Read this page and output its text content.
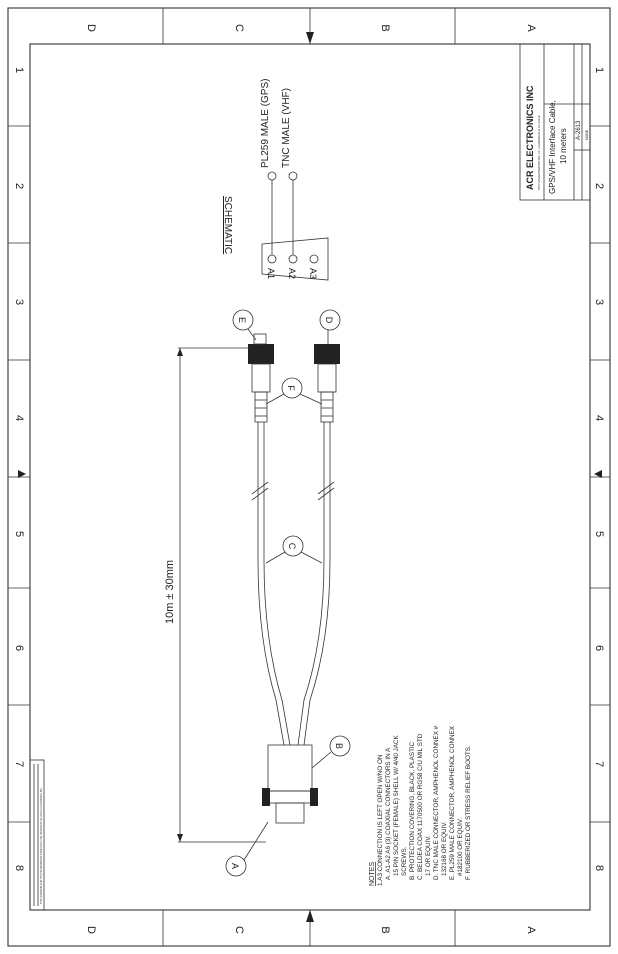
D	C	B	A
D	C	B	A
1
2
3
4
5
6
7
8
1
2
3
4
5
6
7
8
SCHEMATIC
A1 A2 A3
PL259 MALE (GPS) TNC MALE (VHF)
10m ± 30mm
E	D
F
C
B
A	NOTES 1.A3 CONNECTION IS LEFT OPEN W/NO ON A. A1-A2 A6 (3) COAXIAL CONNECTORS IN A 15 PIN SOCKET (FEMALE) SHELL W/ 4/40 JACK SCREWS. B. PROTECTION COVERING, BLACK, PLASTIC C. BELDEA COAX 1170500 OR RG58 C/U MIL STD 17 OR EQUIV. D. TNC MALE CONNECTOR, AMPHENOL CONNEX # 132168 OR EQUIV. E. PL259 MALE CONNECTOR, AMPHENOL CONNEX #182100 OR EQUIV. F. RUBBERIZED OR STRESS RELIEF BOOTS.
ACR ELECTRONICS INC 5757 RAVENSWOOD RD. FT. LAUDERDALE FL 33312 GPS/VHF Interface Cable, 10 meters A-2613 NONE
THIS DRAWING AND THE INFORMATION THEREIN IS THE PROPERTY OF ACR ELECTRONICS INC.
